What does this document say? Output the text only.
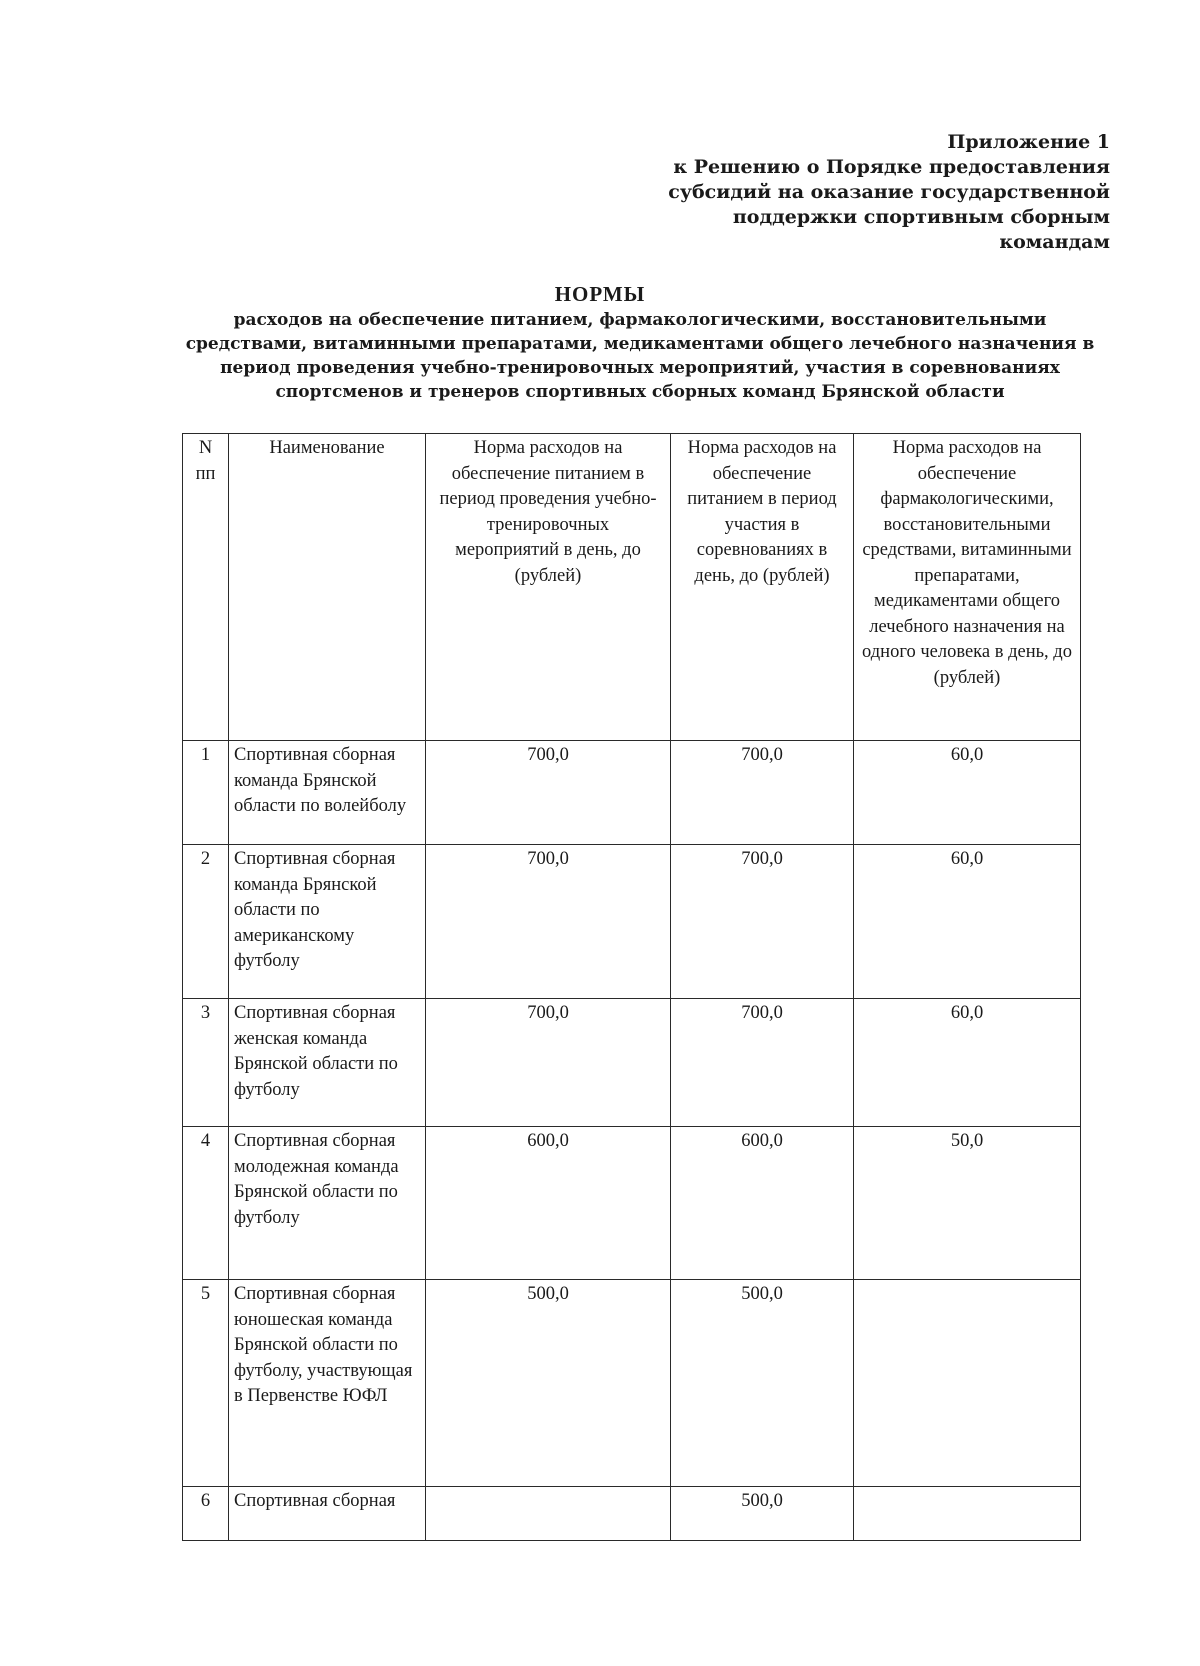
Приложение 1
к Решению о Порядке предоставления
субсидий на оказание государственной
поддержки спортивным сборным
командам
НОРМЫ
расходов на обеспечение питанием, фармакологическими, восстановительными
средствами, витаминными препаратами, медикаментами общего лечебного назначения в
период проведения учебно-тренировочных мероприятий, участия в соревнованиях
спортсменов и тренеров спортивных сборных команд Брянской области
N пп	Наименование	Норма расходов на обеспечение питанием в период проведения учебно-тренировочных мероприятий в день, до (рублей)	Норма расходов на обеспечение питанием в период участия в соревнованиях в день, до (рублей)	Норма расходов на обеспечение фармакологическими, восстановительными средствами, витаминными препаратами, медикаментами общего лечебного назначения на одного человека в день, до (рублей)
1	Спортивная сборная команда Брянской области по волейболу	700,0	700,0	60,0
2	Спортивная сборная команда Брянской области по американскому футболу	700,0	700,0	60,0
3	Спортивная сборная женская команда Брянской области по футболу	700,0	700,0	60,0
4	Спортивная сборная молодежная команда Брянской области по футболу	600,0	600,0	50,0
5	Спортивная сборная юношеская команда Брянской области по футболу, участвующая в Первенстве ЮФЛ	500,0	500,0	
6	Спортивная сборная		500,0	
